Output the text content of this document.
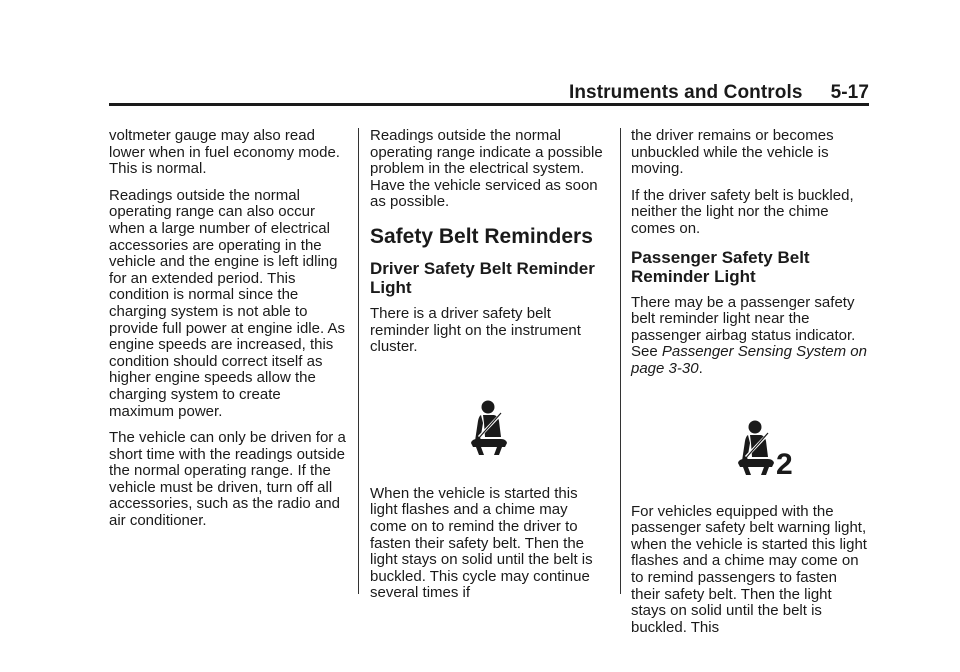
Instruments and Controls 5-17

voltmeter gauge may also read lower when in fuel economy mode. This is normal.

Readings outside the normal operating range can also occur when a large number of electrical accessories are operating in the vehicle and the engine is left idling for an extended period. This condition is normal since the charging system is not able to provide full power at engine idle. As engine speeds are increased, this condition should correct itself as higher engine speeds allow the charging system to create maximum power.

The vehicle can only be driven for a short time with the readings outside the normal operating range. If the vehicle must be driven, turn off all accessories, such as the radio and air conditioner.

Readings outside the normal operating range indicate a possible problem in the electrical system. Have the vehicle serviced as soon as possible.

Safety Belt Reminders
Driver Safety Belt Reminder Light

There is a driver safety belt reminder light on the instrument cluster.

When the vehicle is started this light flashes and a chime may come on to remind the driver to fasten their safety belt. Then the light stays on solid until the belt is buckled. This cycle may continue several times if

the driver remains or becomes unbuckled while the vehicle is moving.

If the driver safety belt is buckled, neither the light nor the chime comes on.

Passenger Safety Belt Reminder Light

There may be a passenger safety belt reminder light near the passenger airbag status indicator. See Passenger Sensing System on page 3-30.

2

For vehicles equipped with the passenger safety belt warning light, when the vehicle is started this light flashes and a chime may come on to remind passengers to fasten their safety belt. Then the light stays on solid until the belt is buckled. This
